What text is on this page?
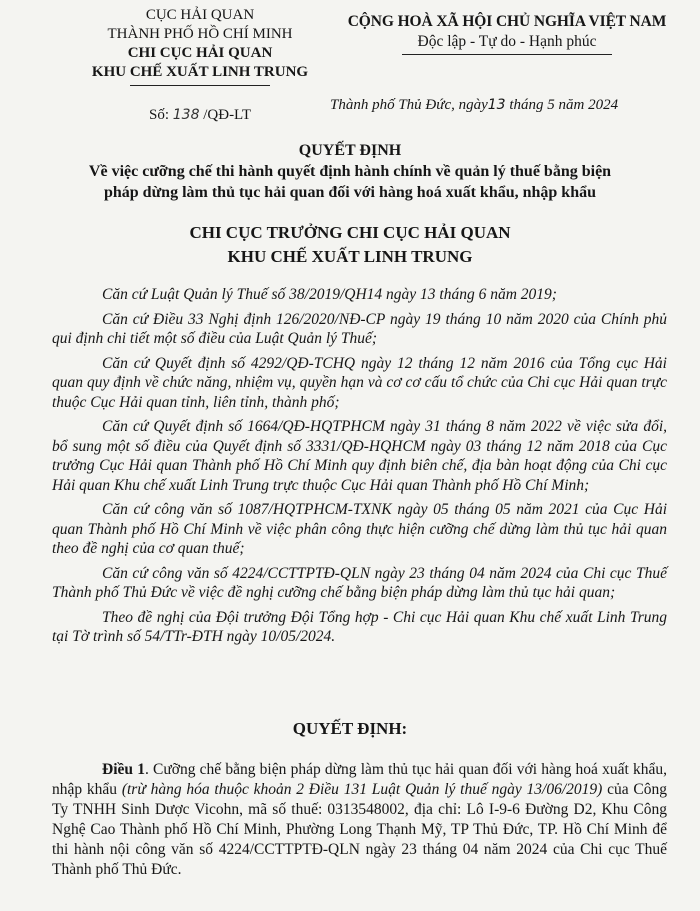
CỤC HẢI QUAN
THÀNH PHỐ HỒ CHÍ MINH
CHI CỤC HẢI QUAN
KHU CHẾ XUẤT LINH TRUNG
Số: 138 /QĐ-LT
CỘNG HOÀ XÃ HỘI CHỦ NGHĨA VIỆT NAM
Độc lập - Tự do - Hạnh phúc
Thành phố Thủ Đức, ngày13 tháng 5 năm 2024
QUYẾT ĐỊNH
Về việc cưỡng chế thi hành quyết định hành chính về quản lý thuế bằng biện
pháp dừng làm thủ tục hải quan đối với hàng hoá xuất khẩu, nhập khẩu
CHI CỤC TRƯỞNG CHI CỤC HẢI QUAN
KHU CHẾ XUẤT LINH TRUNG

Căn cứ Luật Quản lý Thuế số 38/2019/QH14 ngày 13 tháng 6 năm 2019;

Căn cứ Điều 33 Nghị định 126/2020/NĐ-CP ngày 19 tháng 10 năm 2020 của Chính phủ qui định chi tiết một số điều của Luật Quản lý Thuế;

Căn cứ Quyết định số 4292/QĐ-TCHQ ngày 12 tháng 12 năm 2016 của Tổng cục Hải quan quy định về chức năng, nhiệm vụ, quyền hạn và cơ cơ cấu tổ chức của Chi cục Hải quan trực thuộc Cục Hải quan tỉnh, liên tỉnh, thành phố;

Căn cứ Quyết định số 1664/QĐ-HQTPHCM ngày 31 tháng 8 năm 2022 về việc sửa đổi, bổ sung một số điều của Quyết định số 3331/QĐ-HQHCM ngày 03 tháng 12 năm 2018 của Cục trưởng Cục Hải quan Thành phố Hồ Chí Minh quy định biên chế, địa bàn hoạt động của Chi cục Hải quan Khu chế xuất Linh Trung trực thuộc Cục Hải quan Thành phố Hồ Chí Minh;

Căn cứ công văn số 1087/HQTPHCM-TXNK ngày 05 tháng 05 năm 2021 của Cục Hải quan Thành phố Hồ Chí Minh về việc phân công thực hiện cưỡng chế dừng làm thủ tục hải quan theo đề nghị của cơ quan thuế;

Căn cứ công văn số 4224/CCTTPTĐ-QLN ngày 23 tháng 04 năm 2024 của Chi cục Thuế Thành phố Thủ Đức về việc đề nghị cưỡng chế bằng biện pháp dừng làm thủ tục hải quan;

Theo đề nghị của Đội trưởng Đội Tổng hợp - Chi cục Hải quan Khu chế xuất Linh Trung tại Tờ trình số 54/TTr-ĐTH ngày 10/05/2024.

QUYẾT ĐỊNH:

Điều 1. Cưỡng chế bằng biện pháp dừng làm thủ tục hải quan đối với hàng hoá xuất khẩu, nhập khẩu (trừ hàng hóa thuộc khoản 2 Điều 131 Luật Quản lý thuế ngày 13/06/2019) của Công Ty TNHH Sinh Dược Vicohn, mã số thuế: 0313548002, địa chỉ: Lô I-9-6 Đường D2, Khu Công Nghệ Cao Thành phố Hồ Chí Minh, Phường Long Thạnh Mỹ, TP Thủ Đức, TP. Hồ Chí Minh để thi hành nội công văn số 4224/CCTTPTĐ-QLN ngày 23 tháng 04 năm 2024 của Chi cục Thuế Thành phố Thủ Đức.
